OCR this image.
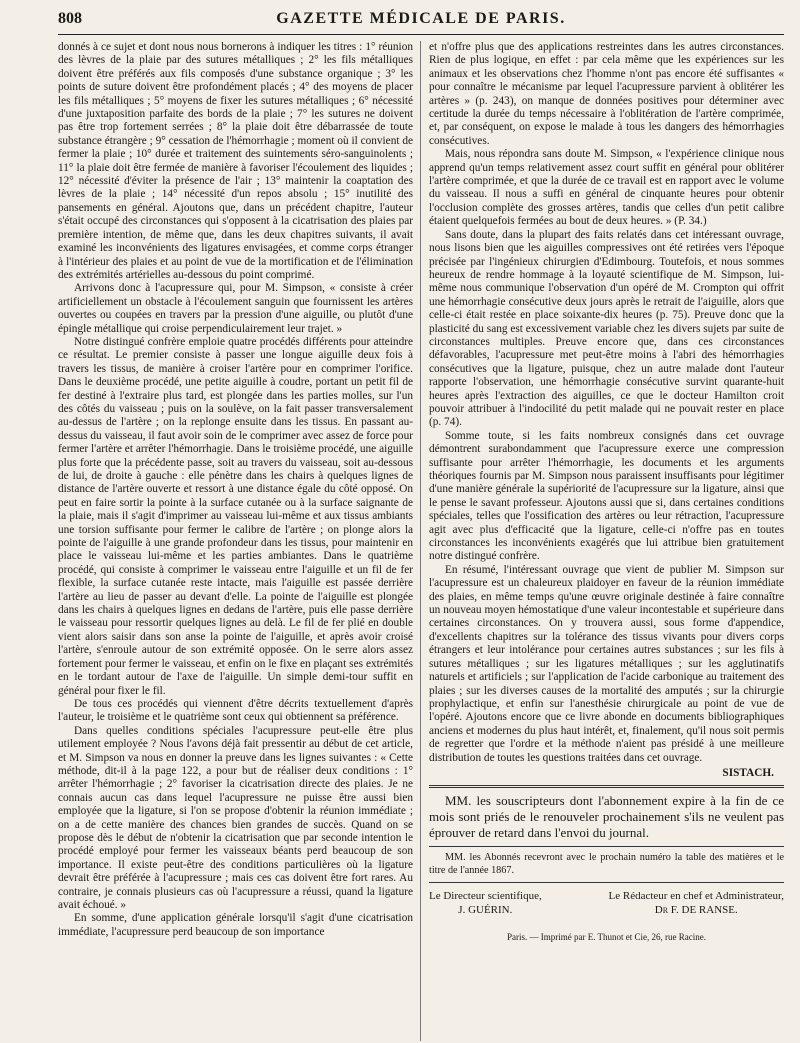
808	GAZETTE MÉDICALE DE PARIS.

donnés à ce sujet et dont nous nous bornerons à indiquer les titres : 1° réunion des lèvres de la plaie par des sutures métalliques ; 2° les fils métalliques doivent être préférés aux fils composés d'une substance organique ; 3° les points de suture doivent être profondément placés ; 4° des moyens de placer les fils métalliques ; 5° moyens de fixer les sutures métalliques ; 6° nécessité d'une juxtaposition parfaite des bords de la plaie ; 7° les sutures ne doivent pas être trop fortement serrées ; 8° la plaie doit être débarrassée de toute substance étrangère ; 9° cessation de l'hémorrhagie ; moment où il convient de fermer la plaie ; 10° durée et traitement des suintements séro-sanguinolents ; 11° la plaie doit être fermée de manière à favoriser l'écoulement des liquides ; 12° nécessité d'éviter la présence de l'air ; 13° maintenir la coaptation des lèvres de la plaie ; 14° nécessité d'un repos absolu ; 15° inutilité des pansements en général. Ajoutons que, dans un précédent chapitre, l'auteur s'était occupé des circonstances qui s'opposent à la cicatrisation des plaies par première intention, de même que, dans les deux chapitres suivants, il avait examiné les inconvénients des ligatures envisagées, et comme corps étranger à l'intérieur des plaies et au point de vue de la mortification et de l'élimination des extrémités artérielles au-dessous du point comprimé.

Arrivons donc à l'acupressure qui, pour M. Simpson, « consiste à créer artificiellement un obstacle à l'écoulement sanguin que fournissent les artères ouvertes ou coupées en travers par la pression d'une aiguille, ou plutôt d'une épingle métallique qui croise perpendiculairement leur trajet. »

Notre distingué confrère emploie quatre procédés différents pour atteindre ce résultat. Le premier consiste à passer une longue aiguille deux fois à travers les tissus, de manière à croiser l'artère pour en comprimer l'orifice. Dans le deuxième procédé, une petite aiguille à coudre, portant un petit fil de fer destiné à l'extraire plus tard, est plongée dans les parties molles, sur l'un des côtés du vaisseau ; puis on la soulève, on la fait passer transversalement au-dessus de l'artère ; on la replonge ensuite dans les tissus. En passant au-dessus du vaisseau, il faut avoir soin de le comprimer avec assez de force pour fermer l'artère et arrêter l'hémorrhagie. Dans le troisième procédé, une aiguille plus forte que la précédente passe, soit au travers du vaisseau, soit au-dessous de lui, de droite à gauche : elle pénètre dans les chairs à quelques lignes de distance de l'artère ouverte et ressort à une distance égale du côté opposé. On peut en faire sortir la pointe à la surface cutanée ou à la surface saignante de la plaie, mais il s'agit d'imprimer au vaisseau lui-même et aux tissus ambiants une torsion suffisante pour fermer le calibre de l'artère ; on plonge alors la pointe de l'aiguille à une grande profondeur dans les tissus, pour maintenir en place le vaisseau lui-même et les parties ambiantes. Dans le quatrième procédé, qui consiste à comprimer le vaisseau entre l'aiguille et un fil de fer flexible, la surface cutanée reste intacte, mais l'aiguille est passée derrière l'artère au lieu de passer au devant d'elle. La pointe de l'aiguille est plongée dans les chairs à quelques lignes en dedans de l'artère, puis elle passe derrière le vaisseau pour ressortir quelques lignes au delà. Le fil de fer plié en double vient alors saisir dans son anse la pointe de l'aiguille, et après avoir croisé l'artère, s'enroule autour de son extrémité opposée. On le serre alors assez fortement pour fermer le vaisseau, et enfin on le fixe en plaçant ses extrémités en le tordant autour de l'axe de l'aiguille. Un simple demi-tour suffit en général pour fixer le fil.

De tous ces procédés qui viennent d'être décrits textuellement d'après l'auteur, le troisième et le quatrième sont ceux qui obtiennent sa préférence.

Dans quelles conditions spéciales l'acupressure peut-elle être plus utilement employée ? Nous l'avons déjà fait pressentir au début de cet article, et M. Simpson va nous en donner la preuve dans les lignes suivantes : « Cette méthode, dit-il à la page 122, a pour but de réaliser deux conditions : 1° arrêter l'hémorrhagie ; 2° favoriser la cicatrisation directe des plaies. Je ne connais aucun cas dans lequel l'acupressure ne puisse être aussi bien employée que la ligature, si l'on se propose d'obtenir la réunion immédiate ; on a de cette manière des chances bien grandes de succès. Quand on se propose dès le début de n'obtenir la cicatrisation que par seconde intention le procédé employé pour fermer les vaisseaux béants perd beaucoup de son importance. Il existe peut-être des conditions particulières où la ligature devrait être préférée à l'acupressure ; mais ces cas doivent être fort rares. Au contraire, je connais plusieurs cas où l'acupressure a réussi, quand la ligature avait échoué. »

En somme, d'une application générale lorsqu'il s'agit d'une cicatrisation immédiate, l'acupressure perd beaucoup de son importance

et n'offre plus que des applications restreintes dans les autres circonstances. Rien de plus logique, en effet : par cela même que les expériences sur les animaux et les observations chez l'homme n'ont pas encore été suffisantes « pour connaître le mécanisme par lequel l'acupressure parvient à oblitérer les artères » (p. 243), on manque de données positives pour déterminer avec certitude la durée du temps nécessaire à l'oblitération de l'artère comprimée, et, par conséquent, on expose le malade à tous les dangers des hémorrhagies consécutives.

Mais, nous répondra sans doute M. Simpson, « l'expérience clinique nous apprend qu'un temps relativement assez court suffit en général pour oblitérer l'artère comprimée, et que la durée de ce travail est en rapport avec le volume du vaisseau. Il nous a suffi en général de cinquante heures pour obtenir l'occlusion complète des grosses artères, tandis que celles d'un petit calibre étaient quelquefois fermées au bout de deux heures. » (P. 34.)

Sans doute, dans la plupart des faits relatés dans cet intéressant ouvrage, nous lisons bien que les aiguilles compressives ont été retirées vers l'époque précisée par l'ingénieux chirurgien d'Edimbourg. Toutefois, et nous sommes heureux de rendre hommage à la loyauté scientifique de M. Simpson, lui-même nous communique l'observation d'un opéré de M. Crompton qui offrit une hémorrhagie consécutive deux jours après le retrait de l'aiguille, alors que celle-ci était restée en place soixante-dix heures (p. 75). Preuve donc que la plasticité du sang est excessivement variable chez les divers sujets par suite de circonstances multiples. Preuve encore que, dans ces circonstances défavorables, l'acupressure met peut-être moins à l'abri des hémorrhagies consécutives que la ligature, puisque, chez un autre malade dont l'auteur rapporte l'observation, une hémorrhagie consécutive survint quarante-huit heures après l'extraction des aiguilles, ce que le docteur Hamilton croit pouvoir attribuer à l'indocilité du petit malade qui ne pouvait rester en place (p. 74).

Somme toute, si les faits nombreux consignés dans cet ouvrage démontrent surabondamment que l'acupressure exerce une compression suffisante pour arrêter l'hémorrhagie, les documents et les arguments théoriques fournis par M. Simpson nous paraissent insuffisants pour légitimer d'une manière générale la supériorité de l'acupressure sur la ligature, ainsi que le pense le savant professeur. Ajoutons aussi que si, dans certaines conditions spéciales, telles que l'ossification des artères ou leur rétraction, l'acupressure agit avec plus d'efficacité que la ligature, celle-ci n'offre pas en toutes circonstances les inconvénients exagérés que lui attribue bien gratuitement notre distingué confrère.

En résumé, l'intéressant ouvrage que vient de publier M. Simpson sur l'acupressure est un chaleureux plaidoyer en faveur de la réunion immédiate des plaies, en même temps qu'une œuvre originale destinée à faire connaître un nouveau moyen hémostatique d'une valeur incontestable et supérieure dans certaines circonstances. On y trouvera aussi, sous forme d'appendice, d'excellents chapitres sur la tolérance des tissus vivants pour divers corps étrangers et leur intolérance pour certaines autres substances ; sur les fils à sutures métalliques ; sur les ligatures métalliques ; sur les agglutinatifs naturels et artificiels ; sur l'application de l'acide carbonique au traitement des plaies ; sur les diverses causes de la mortalité des amputés ; sur la chirurgie prophylactique, et enfin sur l'anesthésie chirurgicale au point de vue de l'opéré. Ajoutons encore que ce livre abonde en documents bibliographiques anciens et modernes du plus haut intérêt, et, finalement, qu'il nous soit permis de regretter que l'ordre et la méthode n'aient pas présidé à une meilleure distribution de toutes les questions traitées dans cet ouvrage.

SISTACH.
MM. les souscripteurs dont l'abonnement expire à la fin de ce mois sont priés de le renouveler prochainement s'ils ne veulent pas éprouver de retard dans l'envoi du journal.
MM. les Abonnés recevront avec le prochain numéro la table des matières et le titre de l'année 1867.
Le Directeur scientifique,
J. GUÉRIN.
Le Rédacteur en chef et Administrateur,
Dr F. DE RANSE.
Paris. — Imprimé par E. Thunot et Cie, 26, rue Racine.
